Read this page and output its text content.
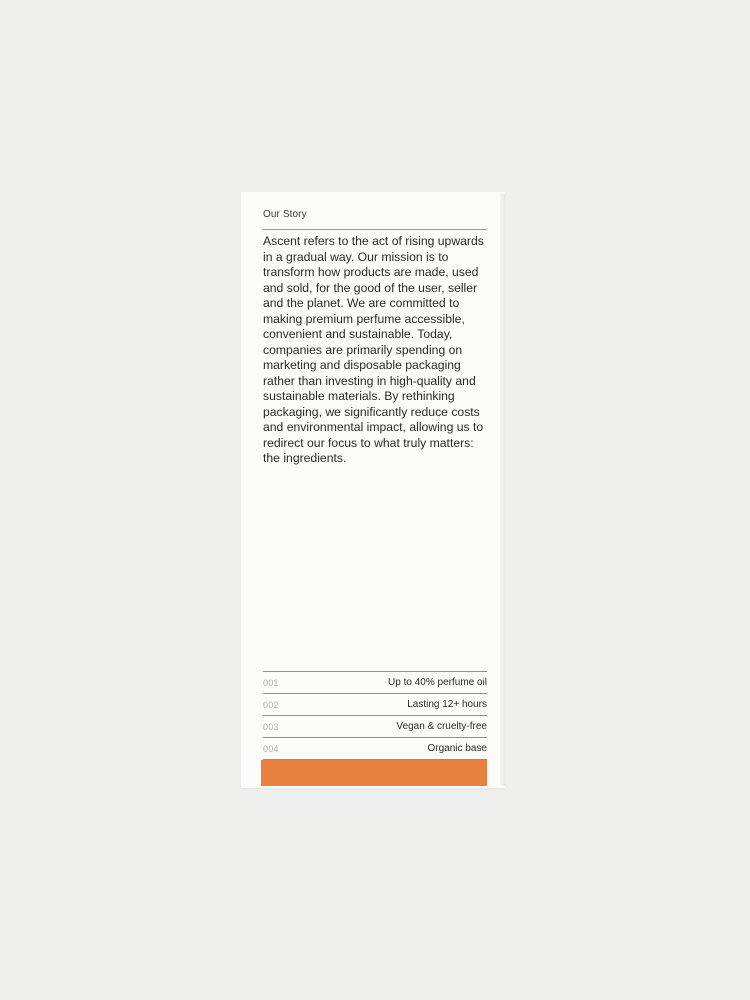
Our Story

Ascent refers to the act of rising upwards in a gradual way. Our mission is to transform how products are made, used and sold, for the good of the user, seller and the planet. We are committed to making premium perfume accessible, convenient and sustainable. Today, companies are primarily spending on marketing and disposable packaging rather than investing in high-quality and sustainable materials. By rethinking packaging, we significantly reduce costs and environmental impact, allowing us to redirect our focus to what truly matters: the ingredients.

001	Up to 40% perfume oil
002	Lasting 12+ hours
003	Vegan & cruelty-free
004	Organic base
